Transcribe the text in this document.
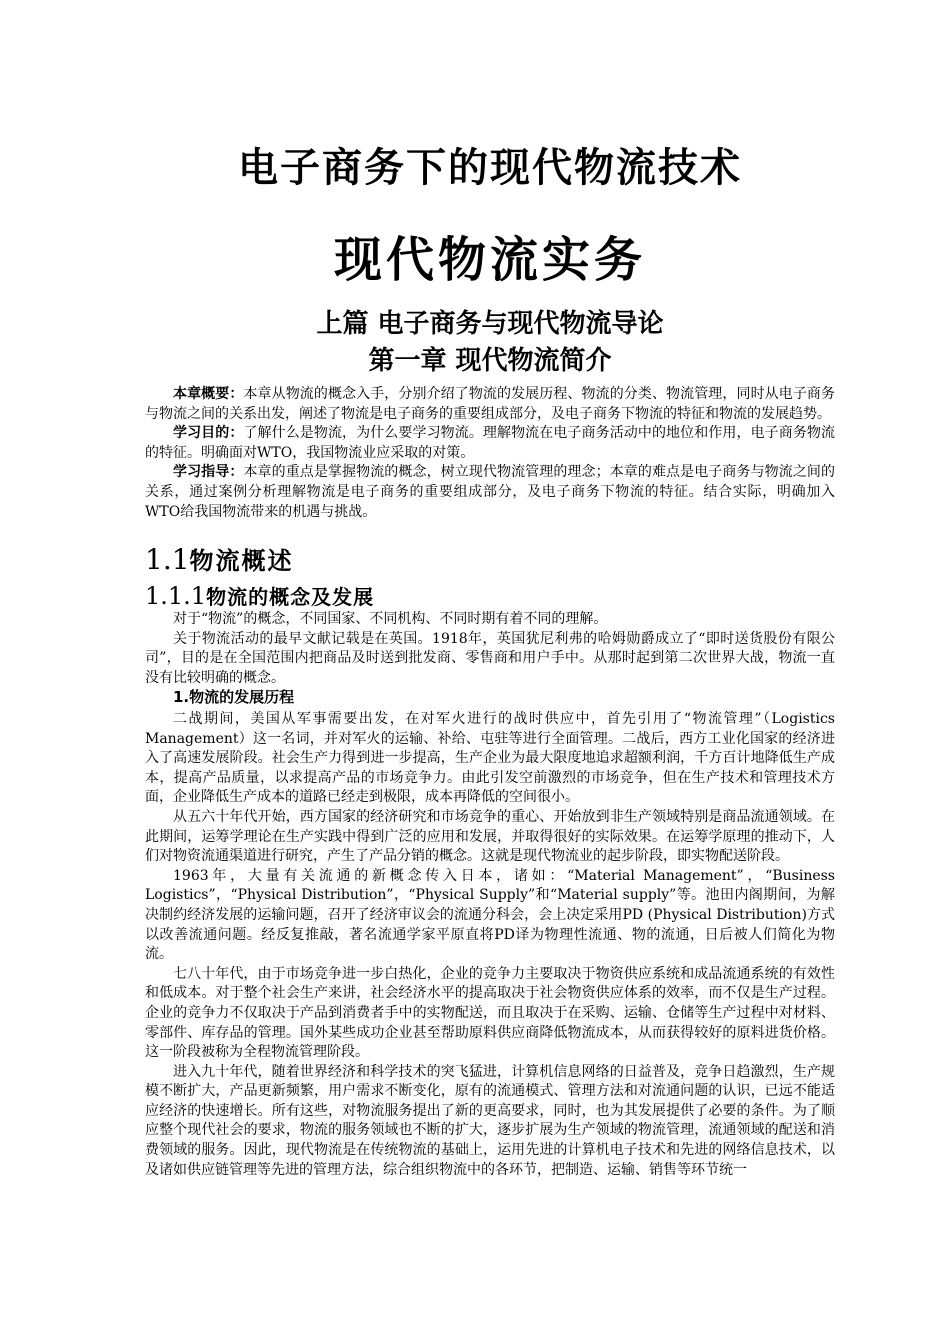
电子商务下的现代物流技术
现代物流实务
上篇 电子商务与现代物流导论
第一章 现代物流简介

本章概要：本章从物流的概念入手，分别介绍了物流的发展历程、物流的分类、物流管理，同时从电子商务与物流之间的关系出发，阐述了物流是电子商务的重要组成部分，及电子商务下物流的特征和物流的发展趋势。

学习目的：了解什么是物流，为什么要学习物流。理解物流在电子商务活动中的地位和作用，电子商务物流的特征。明确面对WTO，我国物流业应采取的对策。

学习指导：本章的重点是掌握物流的概念，树立现代物流管理的理念；本章的难点是电子商务与物流之间的关系，通过案例分析理解物流是电子商务的重要组成部分，及电子商务下物流的特征。结合实际，明确加入WTO给我国物流带来的机遇与挑战。

1.1物流概述
1.1.1物流的概念及发展

对于“物流”的概念，不同国家、不同机构、不同时期有着不同的理解。

关于物流活动的最早文献记载是在英国。1918年，英国犹尼利弗的哈姆勋爵成立了“即时送货股份有限公司”，目的是在全国范围内把商品及时送到批发商、零售商和用户手中。从那时起到第二次世界大战，物流一直没有比较明确的概念。

1.物流的发展历程

二战期间，美国从军事需要出发，在对军火进行的战时供应中，首先引用了“物流管理”（Logistics Management）这一名词，并对军火的运输、补给、屯驻等进行全面管理。二战后，西方工业化国家的经济进入了高速发展阶段。社会生产力得到进一步提高，生产企业为最大限度地追求超额利润，千方百计地降低生产成本，提高产品质量，以求提高产品的市场竞争力。由此引发空前激烈的市场竞争，但在生产技术和管理技术方面，企业降低生产成本的道路已经走到极限，成本再降低的空间很小。

从五六十年代开始，西方国家的经济研究和市场竞争的重心、开始放到非生产领域特别是商品流通领域。在此期间，运筹学理论在生产实践中得到广泛的应用和发展，并取得很好的实际效果。在运筹学原理的推动下，人们对物资流通渠道进行研究，产生了产品分销的概念。这就是现代物流业的起步阶段，即实物配送阶段。

1963年，大量有关流通的新概念传入日本，诸如：“Material Management”，“Business Logistics”，“Physical Distribution”，“Physical Supply”和“Material supply”等。池田内阁期间，为解决制约经济发展的运输问题，召开了经济审议会的流通分科会，会上决定采用PD (Physical Distribution)方式以改善流通问题。经反复推敲，著名流通学家平原直将PD译为物理性流通、物的流通，日后被人们简化为物流。

七八十年代，由于市场竞争进一步白热化，企业的竞争力主要取决于物资供应系统和成品流通系统的有效性和低成本。对于整个社会生产来讲，社会经济水平的提高取决于社会物资供应体系的效率，而不仅是生产过程。企业的竞争力不仅取决于产品到消费者手中的实物配送，而且取决于在采购、运输、仓储等生产过程中对材料、零部件、库存品的管理。国外某些成功企业甚至帮助原料供应商降低物流成本，从而获得较好的原料进货价格。这一阶段被称为全程物流管理阶段。

进入九十年代，随着世界经济和科学技术的突飞猛进，计算机信息网络的日益普及，竞争日趋激烈，生产规模不断扩大，产品更新频繁，用户需求不断变化，原有的流通模式、管理方法和对流通问题的认识，已远不能适应经济的快速增长。所有这些，对物流服务提出了新的更高要求，同时，也为其发展提供了必要的条件。为了顺应整个现代社会的要求，物流的服务领域也不断的扩大，逐步扩展为生产领域的物流管理，流通领域的配送和消费领域的服务。因此，现代物流是在传统物流的基础上，运用先进的计算机电子技术和先进的网络信息技术，以及诸如供应链管理等先进的管理方法，综合组织物流中的各环节，把制造、运输、销售等环节统一
